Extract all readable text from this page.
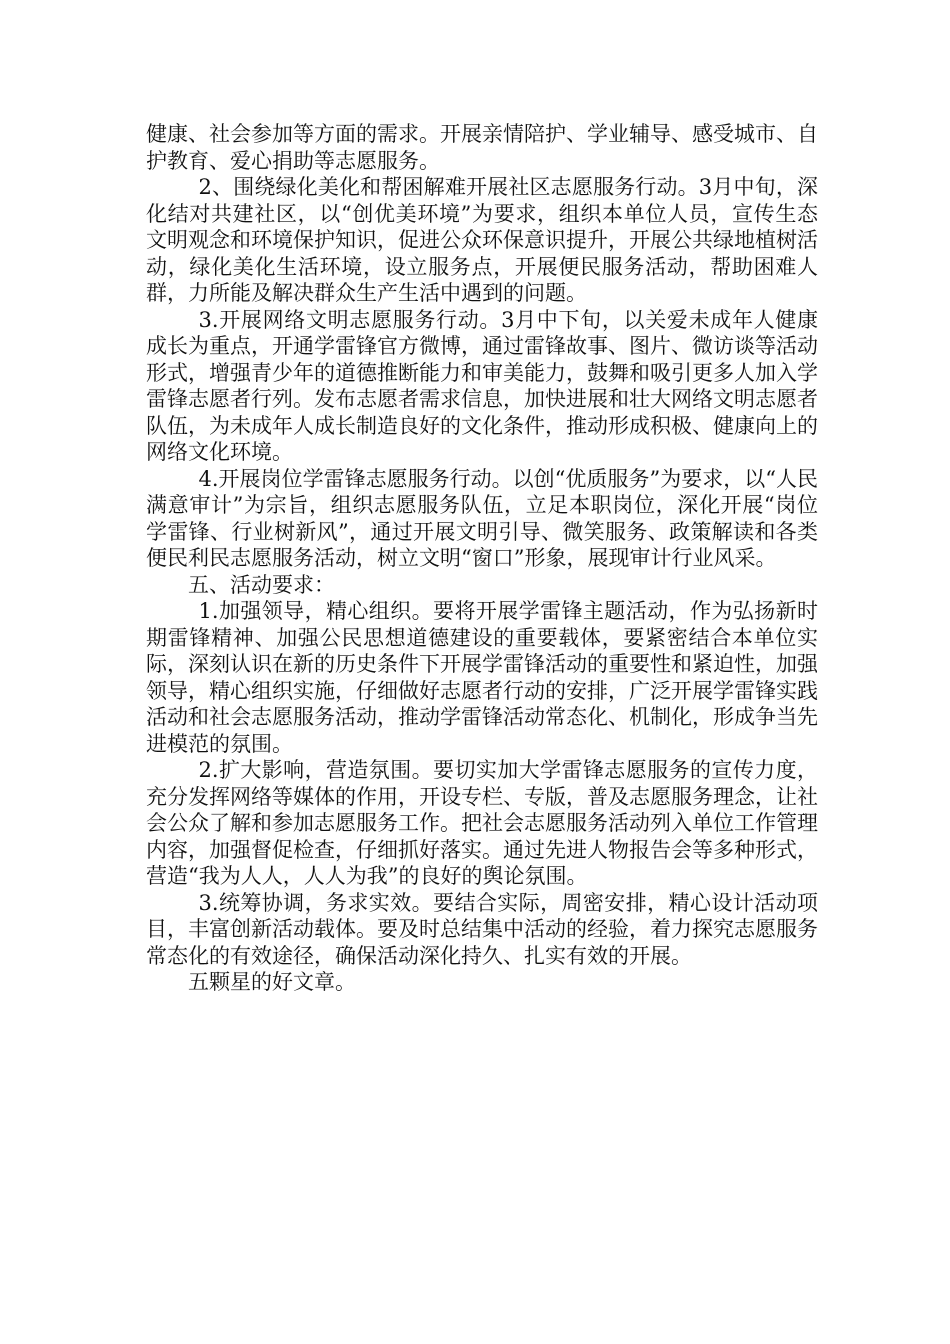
健康、社会参加等方面的需求。开展亲情陪护、学业辅导、感受城市、自护教育、爱心捐助等志愿服务。

2、围绕绿化美化和帮困解难开展社区志愿服务行动。3月中旬，深化结对共建社区，以“创优美环境”为要求，组织本单位人员，宣传生态文明观念和环境保护知识，促进公众环保意识提升，开展公共绿地植树活动，绿化美化生活环境，设立服务点，开展便民服务活动，帮助困难人群，力所能及解决群众生产生活中遇到的问题。

3.开展网络文明志愿服务行动。3月中下旬，以关爱未成年人健康成长为重点，开通学雷锋官方微博，通过雷锋故事、图片、微访谈等活动形式，增强青少年的道德推断能力和审美能力，鼓舞和吸引更多人加入学雷锋志愿者行列。发布志愿者需求信息，加快进展和壮大网络文明志愿者队伍，为未成年人成长制造良好的文化条件，推动形成积极、健康向上的网络文化环境。

4.开展岗位学雷锋志愿服务行动。以创“优质服务”为要求，以“人民满意审计”为宗旨，组织志愿服务队伍，立足本职岗位，深化开展“岗位学雷锋、行业树新风”，通过开展文明引导、微笑服务、政策解读和各类便民利民志愿服务活动，树立文明“窗口”形象，展现审计行业风采。

五、活动要求：

1.加强领导，精心组织。要将开展学雷锋主题活动，作为弘扬新时期雷锋精神、加强公民思想道德建设的重要载体，要紧密结合本单位实际，深刻认识在新的历史条件下开展学雷锋活动的重要性和紧迫性，加强领导，精心组织实施，仔细做好志愿者行动的安排，广泛开展学雷锋实践活动和社会志愿服务活动，推动学雷锋活动常态化、机制化，形成争当先进模范的氛围。

2.扩大影响，营造氛围。要切实加大学雷锋志愿服务的宣传力度，充分发挥网络等媒体的作用，开设专栏、专版，普及志愿服务理念，让社会公众了解和参加志愿服务工作。把社会志愿服务活动列入单位工作管理内容，加强督促检查，仔细抓好落实。通过先进人物报告会等多种形式，营造“我为人人，人人为我”的良好的舆论氛围。

3.统筹协调，务求实效。要结合实际，周密安排，精心设计活动项目，丰富创新活动载体。要及时总结集中活动的经验，着力探究志愿服务常态化的有效途径，确保活动深化持久、扎实有效的开展。

五颗星的好文章。
